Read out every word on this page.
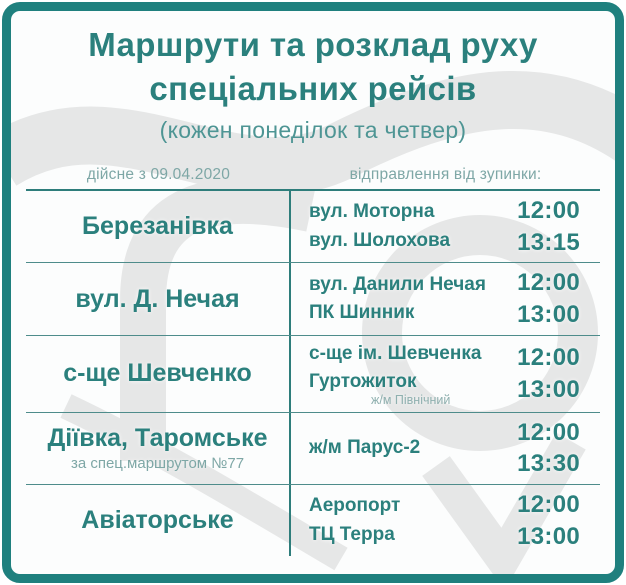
Маршрути та розклад руху
спеціальних рейсів
(кожен понеділок та четвер)
дійсне з 09.04.2020	відправлення від зупинки:
Березанівка
вул. Моторна
вул. Шолохова
12:00
13:15
вул. Д. Нечая
вул. Данили Нечая
ПК Шинник
12:00
13:00
с-ще Шевченко
с-ще ім. Шевченка
Гуртожиток
ж/м Північний
12:00
13:00
Діївка, Таромське
за спец.маршрутом №77
ж/м Парус-2
12:00
13:30
Авіаторське
Аеропорт
ТЦ Терра
12:00
13:00
